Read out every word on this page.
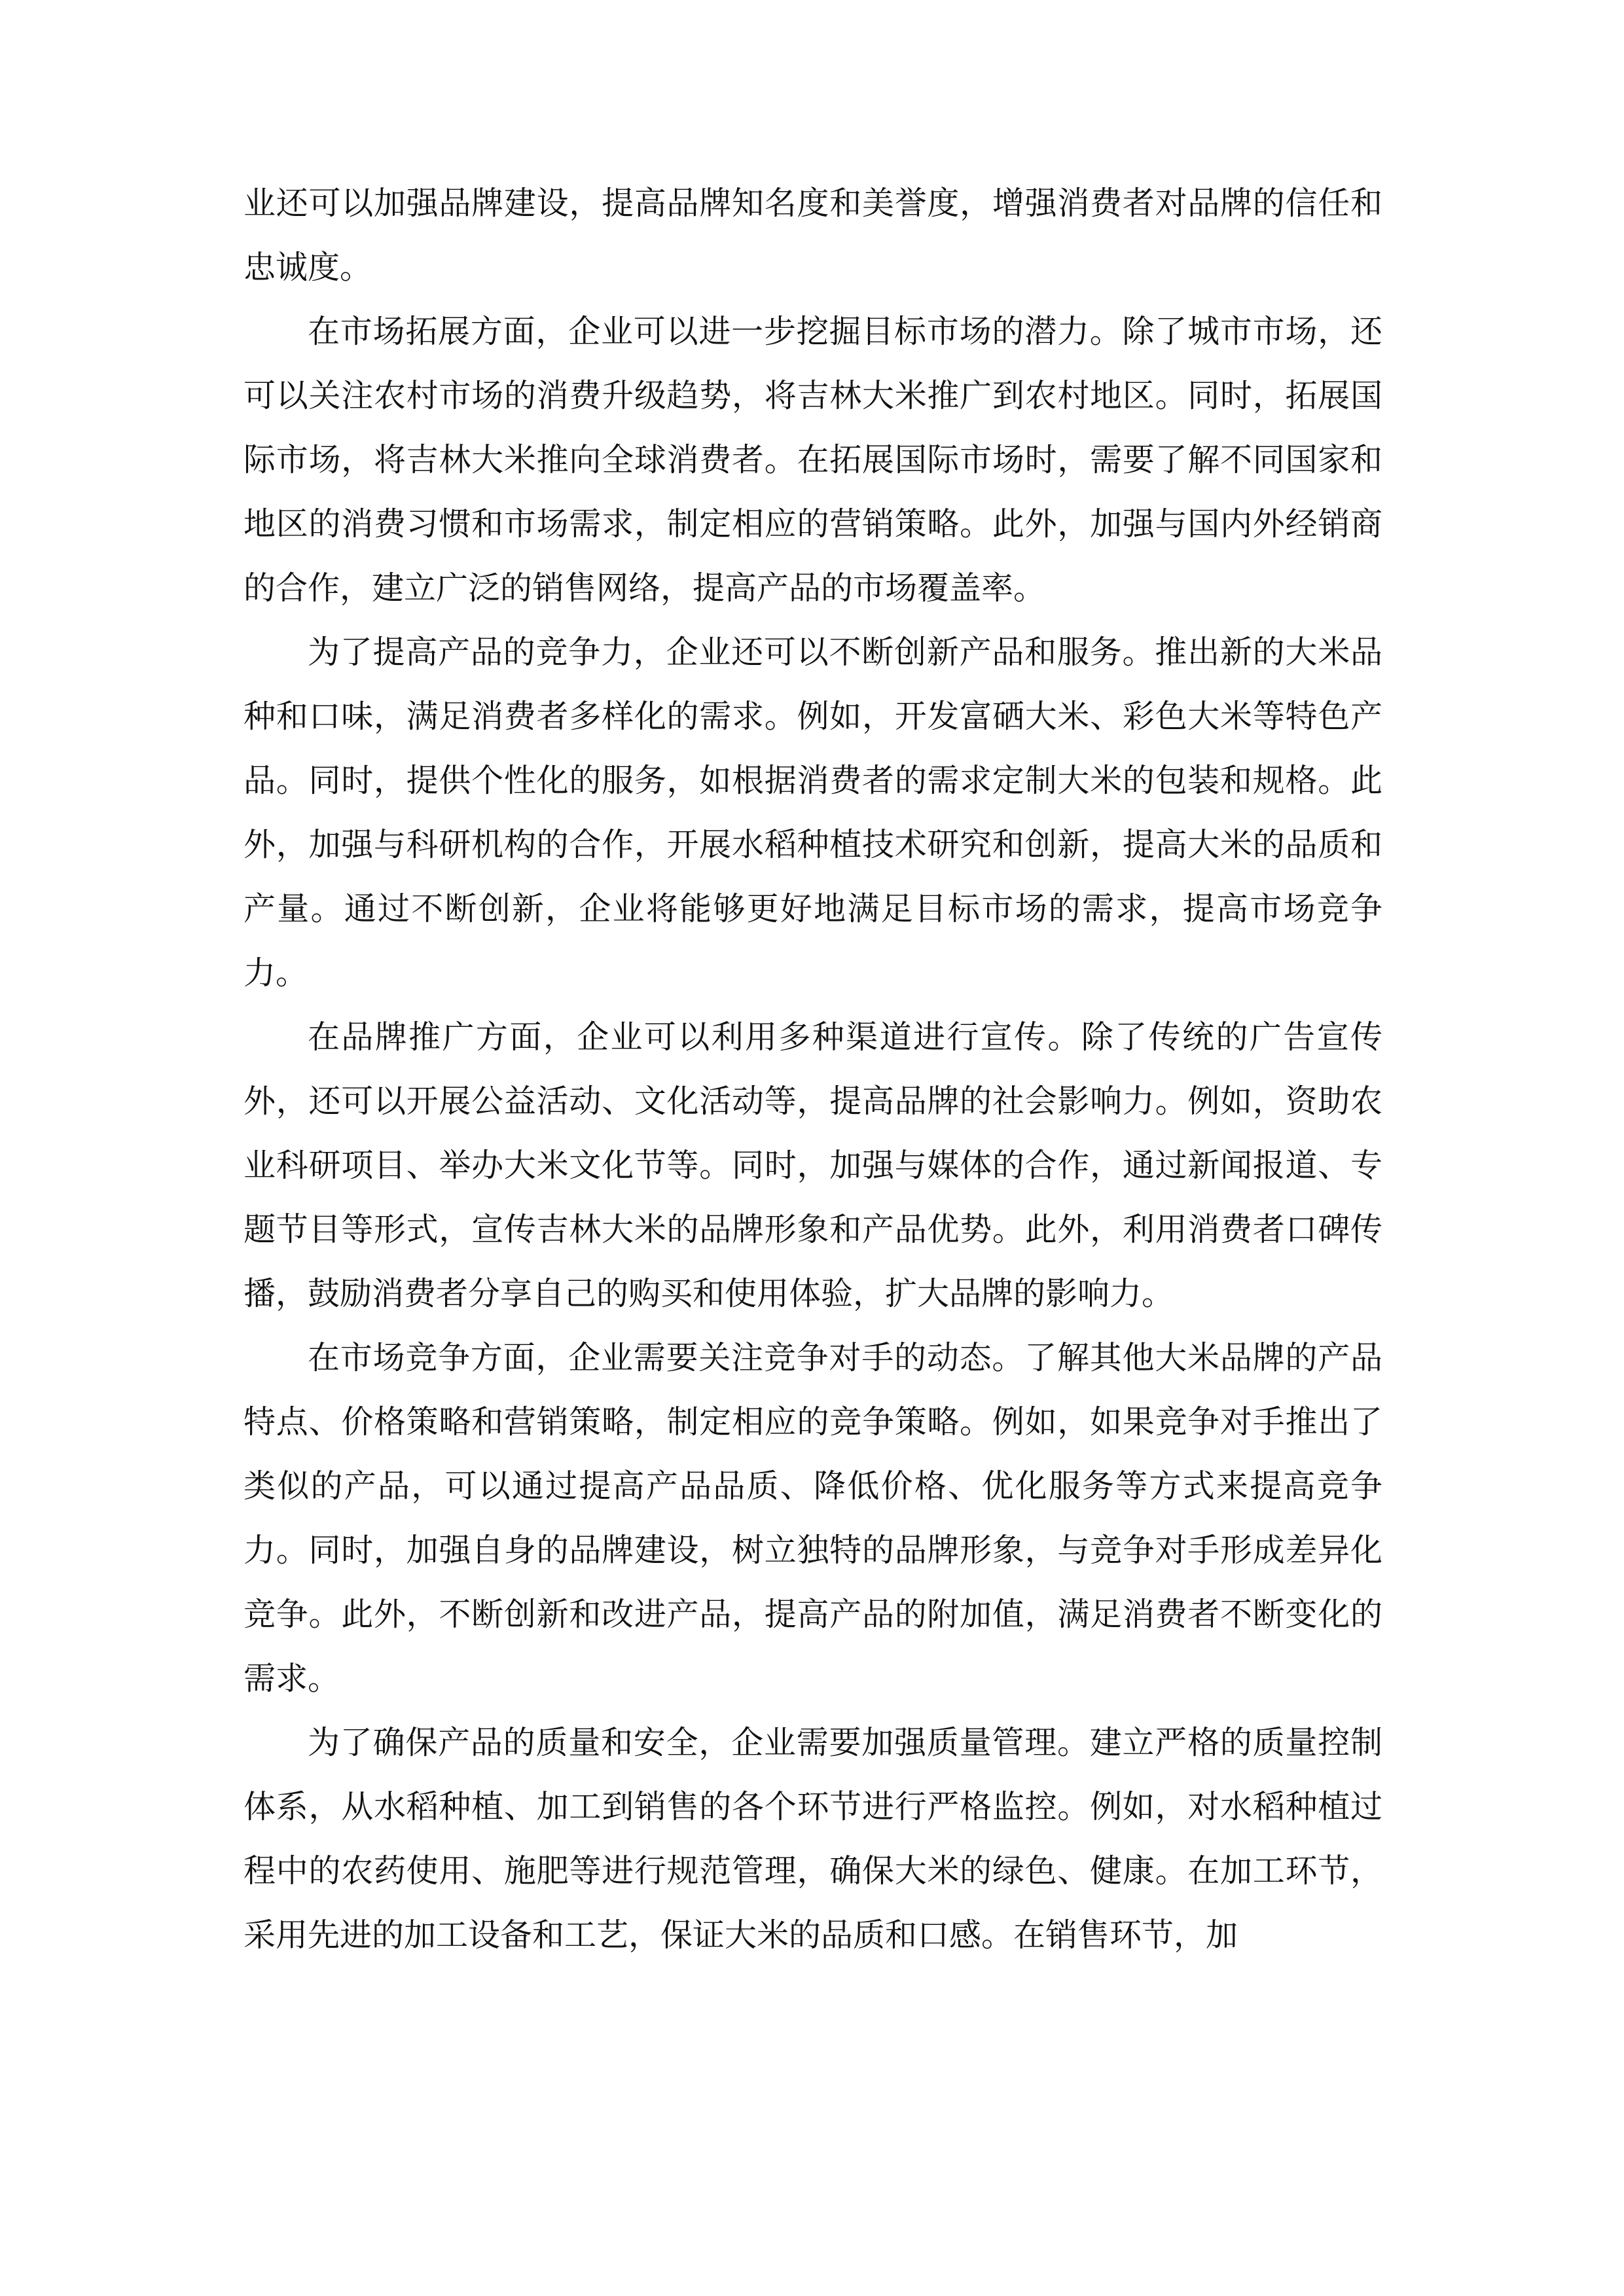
业还可以加强品牌建设，提高品牌知名度和美誉度，增强消费者对品牌的信任和忠诚度。

在市场拓展方面，企业可以进一步挖掘目标市场的潜力。除了城市市场，还可以关注农村市场的消费升级趋势，将吉林大米推广到农村地区。同时，拓展国际市场，将吉林大米推向全球消费者。在拓展国际市场时，需要了解不同国家和地区的消费习惯和市场需求，制定相应的营销策略。此外，加强与国内外经销商的合作，建立广泛的销售网络，提高产品的市场覆盖率。

为了提高产品的竞争力，企业还可以不断创新产品和服务。推出新的大米品种和口味，满足消费者多样化的需求。例如，开发富硒大米、彩色大米等特色产品。同时，提供个性化的服务，如根据消费者的需求定制大米的包装和规格。此外，加强与科研机构的合作，开展水稻种植技术研究和创新，提高大米的品质和产量。通过不断创新，企业将能够更好地满足目标市场的需求，提高市场竞争力。

在品牌推广方面，企业可以利用多种渠道进行宣传。除了传统的广告宣传外，还可以开展公益活动、文化活动等，提高品牌的社会影响力。例如，资助农业科研项目、举办大米文化节等。同时，加强与媒体的合作，通过新闻报道、专题节目等形式，宣传吉林大米的品牌形象和产品优势。此外，利用消费者口碑传播，鼓励消费者分享自己的购买和使用体验，扩大品牌的影响力。

在市场竞争方面，企业需要关注竞争对手的动态。了解其他大米品牌的产品特点、价格策略和营销策略，制定相应的竞争策略。例如，如果竞争对手推出了类似的产品，可以通过提高产品品质、降低价格、优化服务等方式来提高竞争力。同时，加强自身的品牌建设，树立独特的品牌形象，与竞争对手形成差异化竞争。此外，不断创新和改进产品，提高产品的附加值，满足消费者不断变化的需求。

为了确保产品的质量和安全，企业需要加强质量管理。建立严格的质量控制体系，从水稻种植、加工到销售的各个环节进行严格监控。例如，对水稻种植过程中的农药使用、施肥等进行规范管理，确保大米的绿色、健康。在加工环节，采用先进的加工设备和工艺，保证大米的品质和口感。在销售环节，加
